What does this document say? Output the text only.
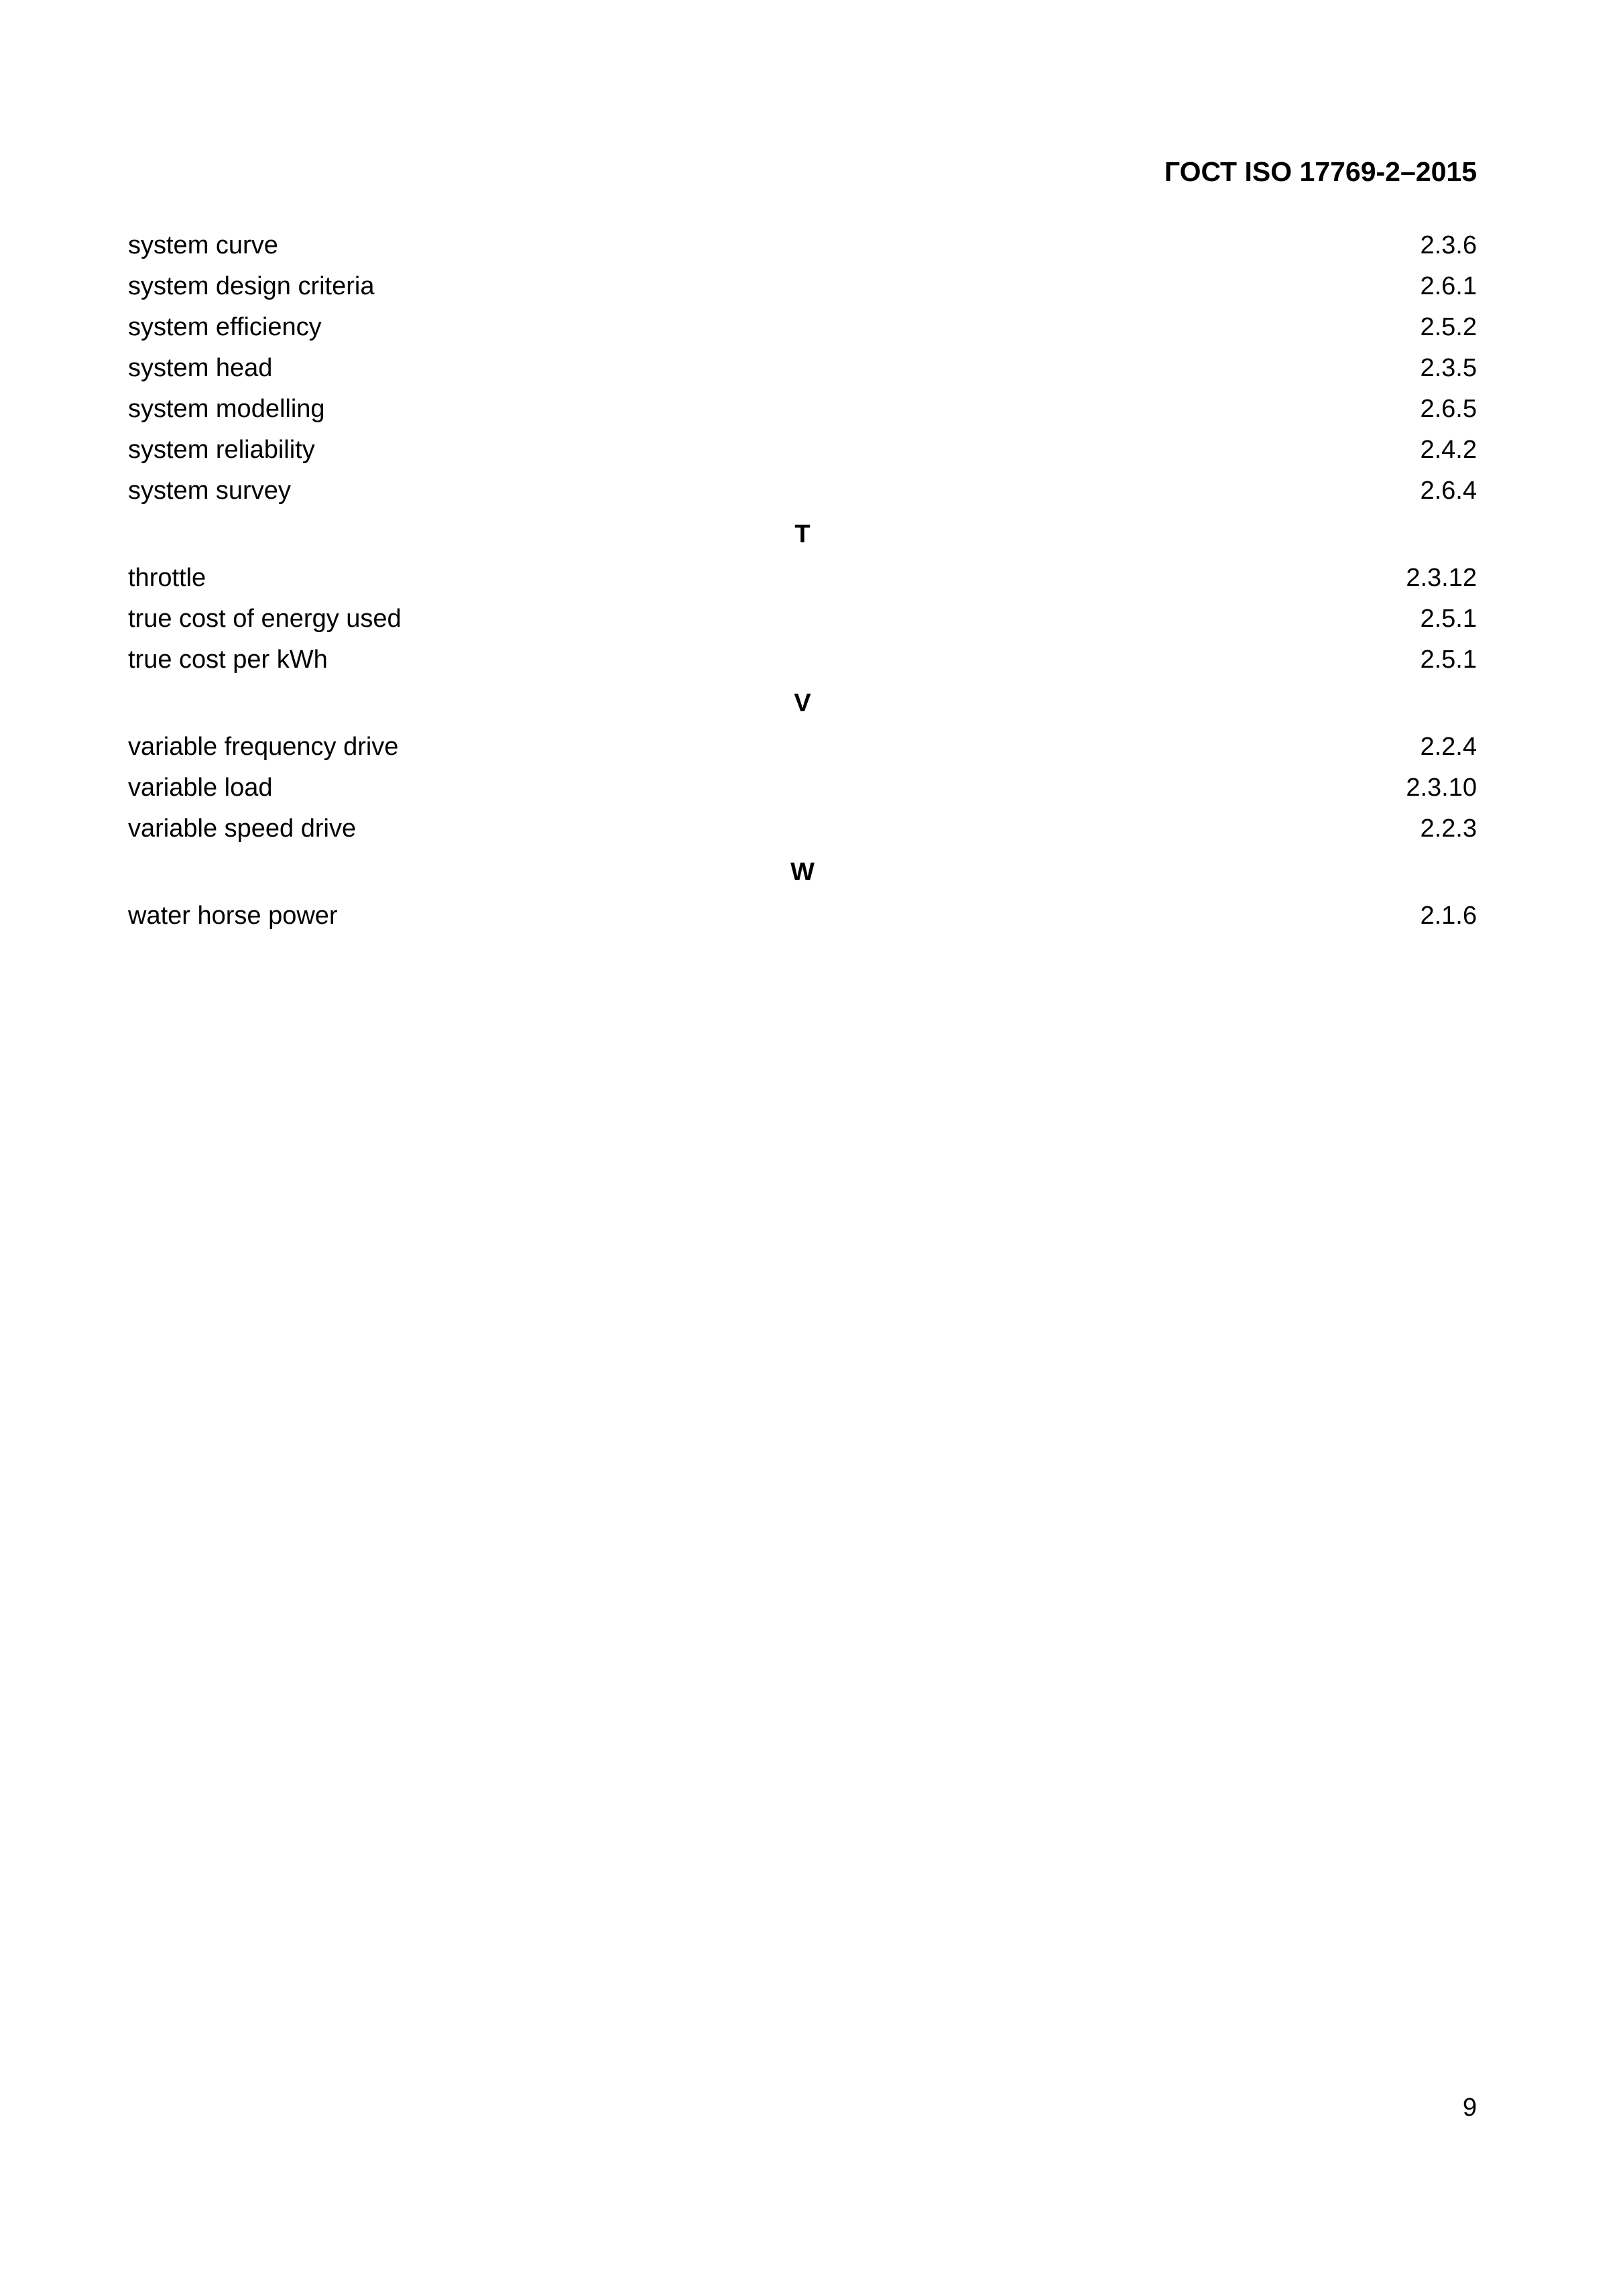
ГОСТ ISO 17769-2–2015
system curve	2.3.6
system design criteria	2.6.1
system efficiency	2.5.2
system head	2.3.5
system modelling	2.6.5
system reliability	2.4.2
system survey	2.6.4
T
throttle	2.3.12
true cost of energy used	2.5.1
true cost per kWh	2.5.1
V
variable frequency drive	2.2.4
variable load	2.3.10
variable speed drive	2.2.3
W
water horse power	2.1.6
9
